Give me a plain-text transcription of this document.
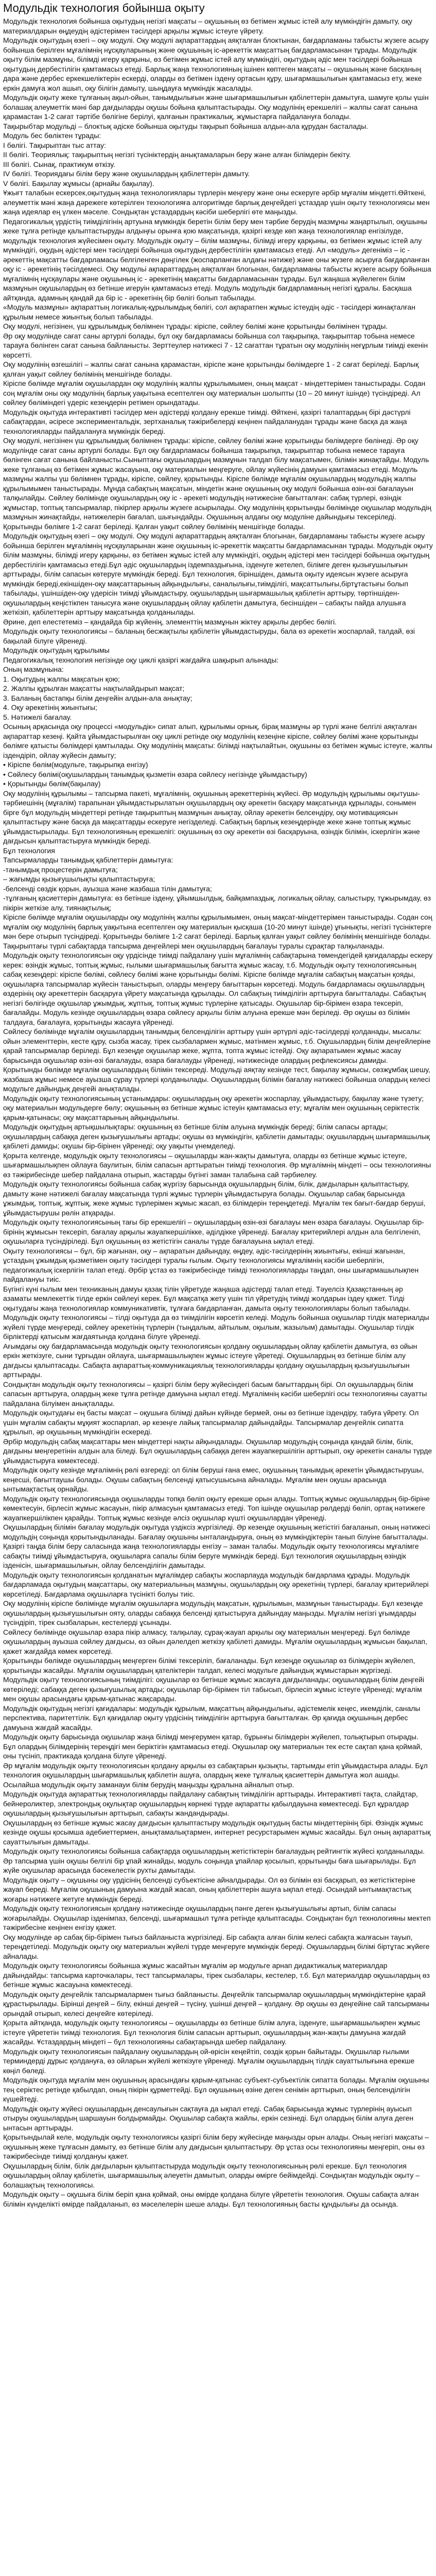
Модульдік технология бойынша оқыту
Модульдік технология бойынша оқытудың негізгі мақсаты – оқушының өз бетімен жұмыс істей алу мүмкіндігін дамыту, оқу материалдарын өңдеудің әдістерімен тәсілдері арқылы жұмыс істеуге үйрету.
Модульдік оқытудың өзегі – оқу модулі. Оқу модулі ақпараттардың аяқталған блоктынан, бағдарламаны табысты жүзеге асыру бойынша берілген мұғалімнің нұсқауларының және оқушының іс-әрекеттік мақсаттың бағдарламасынан тұрады. Модульдік оқыту білім мазмұны, білімді игеру қарқыны, өз бетімен жұмыс істей алу мүмкіндігі, оқытудың әдіс мен тәсілдері бойынша оқытудың дербестілігін қамтамасыз етеді. Барлық жаңа технологияның ішінен көптеген мақсаты – оқушының және басқаның дара және дербес еркекшеліктерін ескерді, оларды өз бетімен іздену ортасын құру, шығармашылығын қамтамасыз ету, жеке еркін дамуға жол ашып, оқу білігін дамыту, шыңдауға мүмкіндік жасалады.
Модульдік оқыту жеке тұлғаның ақыл-ойын, танымдылығын және шығармашылығын қабілеттерін дамытуға, шамуге қолы үшін болашақ алеуметтік мәні бар дағдыларды оқушы бойына қалыптастырады. Оқу модулінің ерекшелігі – жалпы сағат санына қарамастан 1-2 сағат тәртібе бөлігіне берілуі, қалғанын практикалық, жұмыстарға пайдалануға болады.
Тақырыбтар модульді – блоктық әдіске бойынша оқытуды тақырып бойынша алдын-ала құрудан басталады.
Модуль бес бөліктен тұрады:
І бөлігі. Тақырыптан тыс аттау:
ІІ бөлігі. Теориялық: тақырыптың негізгі түсініктердің анықтамаларын беру және алған білімдерін бекіту.
ІІІ бөлігі. Сынақ, практикум өткізу.
ІV бөлігі. Теориядағы білім беру және оқушылардың қабілеттерін дамыту.
V бөлігі. Бақылау жұмысы (арнайы бақылау).
Ұжығт талабын ескерсек,оқытудың жаңа технологиялары түрлерін меңгеру және оны ескеруге әрбір мұғалім міндетті.Өйткені, әлеуметтік мәні жаңа дәрежеге көтерілген технологияға алгоритімде барлық деңгейдегі ұстаздар үшін оқыту технологиясы мен жаңа идеялар ең үлкен мәселе. Сондықтан ұстаздардың кәсіби шеберлігі өте маңызды.
Педагогикалық үрдістің тиімділігінің артуына мүмкіндік беретін білім беру мен тәрбие берудің мазмұны жаңартылып, оқушыны жеке тұлға ретінде қалыптастыруды алдыңғы орынға қою мақсатында, қазіргі кезде көп жаңа технологиялар енгізілуде, модульдік технология жүйесімен оқыту. Модульдік оқыту – білім мазмұны, білімді игеру қарқыны, өз бетімен жұмыс істей алу мүмкіндігі, оқудың әдістері мен тәсілдері бойынша оқытудың дербестілігін қамтамасыз етеді. Ал «модуль» дегеніміз – іс - әрекеттің мақсатты бағдарламасы белгіленген дөңгілек (жоспарланған алдағы нәтиже) және оны жүзеге асыруға бағдарланған оқу іс - әрекетінің тәсілдемесі. Оқу модульі ақпараттардың аяқталған блогынан, бағдарламаны табысты жүзеге асыру бойынша мұғалімнің нұсқаулары және оқушының іс - әрекетінің мақсатты бағдарламасынан тұрады. Бұл жаңаша жүйелеген білім мазмұнын оқушылардың өз бетінше игеруін қамтамасыз етеді. Модуль модульдік бағдарламаның негізгі құралы. Басқаша айтқанда, адамның қандай да бір іс - әрекетінің бір бөлігі болып табылады.
«Модуль мазмұны» ақпараттың логикалық-құрылымдық бөлігі, сол ақпаратпен жұмыс істеудің әдіс - тәсілдері жинақталған құрылым немесе жиынтық болып табылады.
Оқу модулі, негізінен, үш құрылымдық бөлімнен тұрады: кіріспе, сөйлеу бөлімі және қорытынды бөлімінен тұрады.
Әр оқу модулінде сағат саны артурлі болады, бұл оқу бағдарламасы бойынша сол тақырыпқа, тақырыптар тобына немесе тарауға бөлінген сағат санына байланысты. Зерттеулер нәтижесі 7 - 12 сағаттан тұратын оқу модулінің неғұрлым тиімді екенін көрсетті.
Оқу модулінің өзгешілігі – жалпы сағат санына қарамастан, кіріспе және қорытынды бөлімдерге 1 - 2 сағат беріледі. Барлық қалған уақыт сөйлеу бөлімінің меншігінде болады.
Кіріспе бөлімде мұғалім оқушылардан оқу модулінің жалпы құрылымымен, оның мақсат - міндеттерімен таныстырады. Содан соң мұғалім оны оқу модулінің барлық уақытына есептелген оқу материалын шолыпты (10 – 20 минут ішінде) түсіндіреді. Ал сөйлеу бөліміндегі үдеріс кезеңдерін ретімен орындатады.
Модульдік оқытуда интерактивті тәсілдер мен әдістерді қолдану ерекше тиімді. Өйткені, қазіргі талаптардың бірі дәстүрлі сабақтардан, әсіресе экспериментальдік, зертханалық тәжірибелерді кеңінен пайдаланудан тұрады және басқа да жаңа технологияларды пайдалануға мүмкіндік береді.
Оқу модулі, негізінен үш құрылымдық бөлімнен тұрады: кіріспе, сөйлеу бөлімі және қорытынды бөлімдерге бөлінеді. Әр оқу модулінде сағат саны артурлі болады. Бұл оқу бағдарламасы бойынша тақырыпқа, тақырыптар тобына немесе тарауға бөлінген сағат санына байланысты.Сыныптағы оқушылардың мазмұнын талдап білу мақсатымен, білімін жинақтайды. Модуль жеке тұлғаның өз бетімен жұмыс жасауына, оқу материалын меңгеруге, ойлау жүйесінің дамуын қамтамасыз етеді. Модуль мазмұны жалпы үш бөлімнен тұрады, кіріспе, сөйлеу, қорытынды. Кіріспе бөлімде мұғалім оқушылардың модульдің жалпы құрылымымен таныстырады. Мұнда сабақтың мақсатын, міндетін және оқушының оқу модулі бойынша өзін-өзі бағалауын талқылайды. Сөйлеу бөлімінде оқушылардың оқу іс - әрекеті модульдің нәтижесіне бағытталған: сабақ түрлері, өзіндік жұмыстар, топтық тапсырмалар, пікірлер арқылы жүзеге асырылады. Оқу модулінің қорытынды бөлімінде оқушылар модульдің мазмұнын жинақтайды, нәтижелерін бағалап, шығындайды. Оқушының алдағы оқу модуліне дайындығы тексеріледі. Қорытынды бөлімге 1-2 сағат беріледі. Қалған уақыт сөйлеу бөлімінің меншігінде болады.
Модульдік оқытудың өзегі – оқу модулі. Оқу модулі ақпараттардың аяқталған блогынан, бағдарламаны табысты жүзеге асыру бойынша берілген мұғалімнің нұсқауларынан және оқушының іс-әрекеттік мақсатты бағдарламасынан тұрады. Модульдік оқыту білім мазмұны, білімді игеру қарқыны, өз бетімен жұмыс істей алу мүмкіндігі, оқудың әдістері мен тәсілдері бойынша оқытудың дербестілігін қамтамасыз етеді.Бұл әдіс оқушылардың іздемпаздығына, ізденуге жетелеп, білімге деген қызығушылығын арттырады, білім сапасын көтеруге мүмкіндік береді. Бұл технология, біріншіден, дамыта оқыту идеясын жүзеге асыруға мүмкіндік береді,екіншіден-оқу мақсаттарының айқындылығы, саналылығы,тиімділігі, мақсаттылығы,біртұтастығы болып табылады, үшіншіден-оқу үдерісін тиімді ұйымдастыру, оқушылардың шығармашылық қабілетін арттыру, төртіншіден-оқушылардың кеңістікпен танысуға және оқушылардың ойлау қабілетін дамытуға, бесіншіден – сабақты пайда алушыға жеткізіп, қабілеттерін арттыру мақсатында қолданылады.
Әрине, деп елестетеміз – қандайда бір жүйенің, элементтің мазмұнын жіктеу арқылы дербес бөлігі.
Модульдік оқыту технологиясы – баланың бесжақтылы қабілетін ұйымдастыруды, бала өз әрекетін жоспарлай, талдай, өзі бақылай білуге үйренеді.
Модульдік оқытудың құрылымы
Педагогикалық технология негізінде оқу циклі қазіргі жағдайға шақырып алынады:
Оның мазмұнына:
1. Оқытудың жалпы мақсатын қою;
2. Жалпы құрылған мақсатты нақтылайдырып мақсат;
3. Баланың бастапқы білім деңгейін алдын-ала анықтау;
4. Оқу әрекетінің жиынтығы;
5. Нәтижелі бағалау.
Осының арқасында оқу процессі «модульдік» сипат алып, құрылымы орнық, бірақ мазмұны әр түрлі және белгілі аяқталған ақпараттар кезеңі. Қайта ұйымдастырылған оқу циклі ретінде оқу модулінің кезеңіне кіріспе, сөйлеу бөлімі және қорытынды бөлімге қатысты бөлімдері қамтылады. Оқу модулінің мақсаты: білімді нақтылайтын, оқушыны өз бетімен жұмыс істеуге, жалпы іздендіріп, ойлау жүйесін дамыту;
• Кіріспе бөлім(модульге, тақырыпқа енгізу)
• Сөйлесу бөлімі(оқушылардың танымдық қызметін өзара сөйлесу негізінде ұйымдастыру)
• Қорытынды бөлім(бақылау)
Оқу модулінің құрылымы – тапсырма пакеті, мұғалімнің, оқушының әрекеттерінің жүйесі. Әр модульдің құрылымы оқытушы-тәрбиешінің (мұғалім) тарапынан ұйымдастырылатын оқушылардың оқу әрекетін басқару мақсатында құрылады, сонымен бірге бұл модульдің міндеттері ретінде тақырыптың мазмұнын анықтау, ойлау әрекетін белсендіру, оқу мотивациясын қалыптастыру және басқа да мақсаттарды ескеруге негізделеді. Сабақтың барлық кезеңдерінде жеке және топтық жұмыс ұйымдастырылады. Бұл технологияның ерекшелігі: оқушының өз оқу әрекетін өзі басқаруына, өзіндік білімін, іскерлігін және дағдысын қалыптастыруға мүмкіндік береді.
Бұл технология
Тапсырмаларды танымдық қабілеттерін дамытуға:
-танымдық процестерін дамытуға;
– жағымды қызығушылықты қалыптастыруға;
-белсенді сөздік қорын, ауызша және жазбаша тілін дамытуға;
-тұлғаның қасиеттерін дамытуға: өз бетінше іздену, ұйымшылдық, байқампаздық, логикалық ойлау, салыстыру, тұжырымдау, өз пікірін жеткізе алу, тиянақтылық;
Кіріспе бөлімде мұғалім оқушыларды оқу модулінің жалпы құрылымымен, оның мақсат-міндеттерімен таныстырады. Содан соң мұғалім оқу модулінің барлық уақытына есептелген оқу материалын қысқаша (10-20 минут ішінде) ұғынықты, негізгі түсініктерге мән бере отырып түсіндіреді. Қорытынды бөлімге 1-2 сағат беріледі. Барлық қалған уақыт сөйлеу бөлімінің меншігінде болады. Тақырыптағы түрлі сабақтарда тапсырма деңгейлері мен оқушылардың бағалауы туралы сұрақтар талқыланады.
Модульдік оқыту технологиясын оқу үрдісінде тиімді пайдалану үшін мұғалімнің сабақтарына төмендегідей қағидаларды ескеру керек: өзіндік жұмыс, топтық жұмыс, ғылыми шығармашылық бағытта жұмыс жасау, т.б. Модульдік оқыту технологиясының сабақ кезеңдері: кіріспе бөлімі, сөйлесу бөлімі және қорытынды бөлімі. Кіріспе бөлімде мұғалім сабақтың мақсатын қояды, оқушыларға тапсырмалар жүйесін таныстырып, оларды меңгеру бағыттарын көрсетеді. Модуль бағдарламасы оқушылардың өздерінің оқу әрекеттерін басқаруға үйрету мақсатында құрылады. Ол сабақтың тиімділігін арттыруға бағытталады. Сабақтың негізгі бөлігінде оқушылар ұжымдық, жұптық, топтық жұмыс түрлеріне қатысады. Оқушылар бір-бірімен өзара тексеріп, бағалайды. Модуль кезінде оқушылардың өзара сөйлесу арқылы білім алуына ерекше мән беріледі. Әр оқушы өз білімін талдауға, бағалауға, қорытынды жасауға үйренеді.
Сөйлесу бөлімінде мұғалім оқушылардың танымдық белсенділігін арттыру үшін әртүрлі әдіс-тәсілдерді қолданады, мысалы: ойын элементтерін, кесте құру, сызба жасау, тірек сызбалармен жұмыс, мәтінмен жұмыс, т.б. Оқушылардың білім деңгейлеріне қарай тапсырмалар беріледі. Бұл кезеңде оқушылар жеке, жұпта, топта жұмыс істейді. Оқу ақпаратымен жұмыс жасау барысында оқушылар өзін-өзі бағалауды, өзара бағалауды үйренеді, нәтижесінде олардың рефлексиясы дамиды.
Қорытынды бөлімде мұғалім оқушылардың білімін тексереді. Модульді аяқтау кезінде тест, бақылау жұмысы, сөзжұмбақ шешу, жазбаша жұмыс немесе ауызша сұрау түрлері қолданылады. Оқушылардың білімін бағалау нәтижесі бойынша олардың келесі модульге дайындық деңгейі анықталады.
Модульдік оқыту технологиясының ұстанымдары: оқушылардың оқу әрекетін жоспарлау, ұйымдастыру, бақылау және түзету; оқу материалын модульдерге бөлу; оқушының өз бетінше жұмыс істеуін қамтамасыз ету; мұғалім мен оқушының серіктестік қарым-қатынасы; оқу мақсаттарының айқындылығы.
Модульдік оқытудың артықшылықтары: оқушының өз бетінше білім алуына мүмкіндік береді; білім сапасы артады; оқушылардың сабаққа деген қызығушылығы артады; оқушы өз мүмкіндігін, қабілетін дамытады; оқушылардың шығармашылық қабілеті дамиды; оқушы бір-бірінен үйренеді; оқу уақыты үнемделеді.
Қорыта келгенде, модульдік оқыту технологиясы – оқушыларды жан-жақты дамытуға, оларды өз бетінше жұмыс істеуге, шығармашылықпен ойлауға баулитын, білім сапасын арттыратын тиімді технология. Әр мұғалімнің міндеті – осы технологияны өз тәжірибесінде шебер пайдалана отырып, жастарды бүгінгі заман талабына сай тәрбиелеу.
Модульдік оқыту технологиясы бойынша сабақ жүргізу барысында оқушылардың білім, білік, дағдыларын қалыптастыру, дамыту және нәтижелі бағалау мақсатында түрлі жұмыс түрлерін ұйымдастыруға болады. Оқушылар сабақ барысында ұжымдық, топтық, жұптық, жеке жұмыс түрлерімен жұмыс жасап, өз білімдерін тереңдетеді. Мұғалім тек бағыт-бағдар беруші, ұйымдастырушы рөлін атқарады.
Модульдік оқыту технологиясының тағы бір ерекшелігі – оқушылардың өзін-өзі бағалауы мен өзара бағалауы. Оқушылар бір-бірінің жұмысын тексеріп, бағалау арқылы жауапкершілікке, әділдікке үйренеді. Бағалау критерийлері алдын ала белгіленіп, оқушыларға түсіндіріледі. Бұл оқушының өз жетістігін саналы түрде бағалауына ықпал етеді.
Оқыту технологиясы – бұл, бір жағынан, оқу – ақпаратын дайындау, өңдеу, әдіс-тәсілдерінің жиынтығы, екінші жағынан, ұстаздың ұжымдық қызметімен оқыту тәсілдері туралы ғылым. Оқыту технологиясы мұғалімнің кәсіби шеберлігін, педагогикалық іскерлігін талап етеді. Әрбір ұстаз өз тәжірибесінде тиімді технологияларды таңдап, оны шығармашылықпен пайдалануы тиіс.
Бүгінгі күні ғылым мен техниканың дамуы қазақ тілін үйретуде жаңаша әдістерді талап етеді. Тәуелсіз Қазақстанның әр азаматы мемлекеттік тілде еркін сөйлеуі керек. Бұл мақсатқа жету үшін тіл үйретудің тиімді жолдарын іздеу қажет. Тілді оқытудағы жаңа технологиялар коммуникативтік, тұлғаға бағдарланған, дамыта оқыту технологиялары болып табылады.
Модульдік оқыту технологиясы – тілді оқытуда да өз тиімділігін көрсетіп келеді. Модуль бойынша оқушылар тілдік материалды жүйелі түрде меңгереді, сөйлеу әрекетінің түрлерін (тыңдалым, айтылым, оқылым, жазылым) дамытады. Оқушылар тілдік бірліктерді қатысым жағдаятында қолдана білуге үйренеді.
Ағымдағы оқу бағдарламасында модульдік оқыту технологиясын қолдану оқушылардың ойлау қабілетін дамытуға, өз ойын еркін жеткізуге, сыни тұрғыдан ойлауға, шығармашылықпен жұмыс істеуге үйретеді. Оқушылардың өз бетінше білім алу дағдысы қалыптасады. Сабақта ақпараттық-коммуникациялық технологияларды қолдану оқушылардың қызығушылығын арттырады.
Сондықтан модульдік оқыту технологиясы – қазіргі білім беру жүйесіндегі басым бағыттардың бірі. Ол оқушылардың білім сапасын арттыруға, олардың жеке тұлға ретінде дамуына ықпал етеді. Мұғалімнің кәсіби шеберлігі осы технологияны сауатты пайдалана білуімен анықталады.
Модульдік оқытудағы ең басты мақсат – оқушыға білімді дайын күйінде бермей, оны өз бетінше іздендіру, табуға үйрету. Ол үшін мұғалім сабақты мұқият жоспарлап, әр кезеңге лайық тапсырмалар дайындайды. Тапсырмалар деңгейлік сипатта құрылып, әр оқушының мүмкіндігін ескереді.
Әрбір модульдің сабақ мақсаттары мен міндеттері нақты айқындалады. Оқушылар модульдің соңында қандай білім, білік, дағдыны меңгеретінін алдын ала біледі. Бұл оқушылардың сабаққа деген жауапкершілігін арттырып, оқу әрекетін саналы түрде ұйымдастыруға көмектеседі.
Модульдік оқыту кезінде мұғалімнің рөлі өзгереді: ол білім беруші ғана емес, оқушының танымдық әрекетін ұйымдастырушы, кеңесші, бағыттаушы болады. Оқушы сабақтың белсенді қатысушысына айналады. Мұғалім мен оқушы арасында ынтымақтастық орнайды.
Модульдік оқыту технологиясында оқушыларды топқа бөліп оқыту ерекше орын алады. Топтық жұмыс оқушылардың бір-біріне көмектесуін, бірлесіп жұмыс жасауын, пікір алмасуын қамтамасыз етеді. Топ ішінде оқушылар рөлдерді бөліп, ортақ нәтижеге жауапкершілікпен қарайды. Топтық жұмыс кезінде әлсіз оқушылар күшті оқушылардан үйренеді.
Оқушылардың білімін бағалау модульдік оқытуда үздіксіз жүргізіледі. Әр кезеңде оқушының жетістігі бағаланып, оның нәтижесі модульдің соңында қорытындыланады. Бағалау оқушыны ынталандыруға, оның өз мүмкіндіктерін танып білуіне бағытталады.
Қазіргі таңда білім беру саласында жаңа технологияларды енгізу – заман талабы. Модульдік оқыту технологиясы мұғалімге сабақты тиімді ұйымдастыруға, оқушыларға сапалы білім беруге мүмкіндік береді. Бұл технология оқушылардың өзіндік ізденісін, шығармашылығын, ойлау белсенділігін дамытады.
Модульдік оқыту технологиясын қолданатын мұғалімдер сабақты жоспарлауда модульдік бағдарлама құрады. Модульдік бағдарламада оқытудың мақсаттары, оқу материалының мазмұны, оқушылардың оқу әрекетінің түрлері, бағалау критерийлері көрсетіледі. Бағдарлама оқушыларға түсінікті болуы тиіс.
Оқу модулінің кіріспе бөлімінде мұғалім оқушыларға модульдің мақсатын, құрылымын, мазмұнын таныстырады. Бұл кезеңде оқушылардың қызығушылығын ояту, оларды сабаққа белсенді қатыстыруға дайындау маңызды. Мұғалім негізгі ұғымдарды түсіндіріп, тірек сызбаларын, кестелерді ұсынады.
Сөйлесу бөлімінде оқушылар өзара пікір алмасу, талқылау, сұрақ-жауап арқылы оқу материалын меңгереді. Бұл бөлімде оқушылардың ауызша сөйлеу дағдысы, өз ойын дәлелдеп жеткізу қабілеті дамиды. Мұғалім оқушылардың жұмысын бақылап, қажет жағдайда көмек көрсетеді.
Қорытынды бөлімде оқушылардың меңгерген білімі тексеріліп, бағаланады. Бұл кезеңде оқушылар өз білімдерін жүйелеп, қорытынды жасайды. Мұғалім оқушылардың қателіктерін талдап, келесі модульге дайындық жұмыстарын жүргізеді.
Модульдік оқыту технологиясының тиімділігі: оқушылар өз бетінше жұмыс жасауға дағдыланады; оқушылардың білім деңгейі көтеріледі; сабаққа деген қызығушылық артады; оқушылар бір-бірімен тіл табысып, бірлесіп жұмыс істеуге үйренеді; мұғалім мен оқушы арасындағы қарым-қатынас жақсарады.
Модульдік оқытудың негізгі қағидалары: модульдік құрылым, мақсаттың айқындылығы, әдістемелік кеңес, икемділік, саналы перспектива, паритеттілік. Бұл қағидалар оқыту үрдісінің тиімділігін арттыруға бағытталған. Әр қағида оқушының дербес дамуына жағдай жасайды.
Модульдік оқыту барысында оқушылар жаңа білімді меңгерумен қатар, бұрынғы білімдерін жүйелеп, толықтырып отырады. Бұл олардың білімдерінің тереңдігі мен беріктігін қамтамасыз етеді. Оқушылар оқу материалын тек есте сақтап қана қоймай, оны түсініп, практикада қолдана білуге үйренеді.
Әр мұғалім модульдік оқыту технологиясын қолдану арқылы өз сабақтарын қызықты, тартымды етіп ұйымдастыра алады. Бұл технология оқушылардың шығармашылық қабілетін ашуға, олардың жеке тұлғалық қасиеттерін дамытуға жол ашады. Осылайша модульдік оқыту заманауи білім берудің маңызды құралына айналып отыр.
Модульдік оқытуда ақпараттық технологияларды пайдалану сабақтың тиімділігін арттырады. Интерактивті тақта, слайдтар, бейнероликтер, электрондық оқулықтар оқушылардың көрнекі түрде ақпаратты қабылдауына көмектеседі. Бұл құралдар оқушылардың қызығушылығын арттырып, сабақты жандандырады.
Оқушылардың өз бетінше жұмыс жасау дағдысын қалыптастыру модульдік оқытудың басты міндеттерінің бірі. Өзіндік жұмыс кезінде оқушы қосымша әдебиеттермен, анықтамалықтармен, интернет ресурстарымен жұмыс жасайды. Бұл оның ақпараттық сауаттылығын дамытады.
Модульдік оқыту технологиясы бойынша сабақтарда оқушылардың жетістіктерін бағалаудың рейтингтік жүйесі қолданылады. Әр тапсырма үшін оқушы белгілі бір ұпай жинайды, модуль соңында ұпайлар қосылып, қорытынды баға шығарылады. Бұл жүйе оқушылар арасында бәсекелестік рухты дамытады.
Модульдік оқыту – оқушыны оқу үрдісінің белсенді субъектісіне айналдырады. Ол өз білімін өзі басқарып, өз жетістіктеріне жауап береді. Мұғалім оқушының дамуына жағдай жасап, оның қабілеттерін ашуға ықпал етеді. Осындай ынтымақтастық жоғары нәтижеге жетуге мүмкіндік береді.
Модульдік оқыту технологиясын қолдану нәтижесінде оқушылардың пәнге деген қызығушылығы артып, білім сапасы жоғарылайды. Оқушылар ізденімпаз, белсенді, шығармашыл тұлға ретінде қалыптасады. Сондықтан бұл технологияны мектеп тәжірибесіне кеңінен енгізу қажет.
Оқу модулінде әр сабақ бір-бірімен тығыз байланыста жүргізіледі. Бір сабақта алған білім келесі сабақта жалғасын тауып, тереңдетіледі. Модульдік оқыту оқу материалын жүйелі түрде меңгеруге мүмкіндік береді. Оқушылардың білімі біртұтас жүйеге айналады.
Модульдік оқыту технологиясы бойынша жұмыс жасайтын мұғалім әр модульге арнап дидактикалық материалдар дайындайды: тапсырма карточкалары, тест тапсырмалары, тірек сызбалары, кестелер, т.б. Бұл материалдар оқушылардың өз бетінше жұмыс жасауына көмектеседі.
Модульдік оқыту деңгейлік тапсырмалармен тығыз байланысты. Деңгейлік тапсырмалар оқушылардың мүмкіндіктеріне қарай құрастырылады. Бірінші деңгей – білу, екінші деңгей – түсіну, үшінші деңгей – қолдану. Әр оқушы өз деңгейіне сай тапсырманы орындай отырып, келесі деңгейге көтеріледі.
Қорыта айтқанда, модульдік оқыту технологиясы – оқушыларды өз бетінше білім алуға, ізденуге, шығармашылықпен жұмыс істеуге үйрететін тиімді технология. Бұл технология білім сапасын арттырып, оқушылардың жан-жақты дамуына жағдай жасайды. Ұстаздардың міндеті – бұл технологияны сабақтарында шебер пайдалану.
Модульдік оқыту технологиясын пайдалану оқушылардың ой-өрісін кеңейтіп, сөздік қорын байытады. Оқушылар ғылыми терминдерді дұрыс қолдануға, өз ойларын жүйелі жеткізуге үйренеді. Мұғалім оқушылардың тілдік сауаттылығына ерекше көңіл бөледі.
Модульдік оқытуда мұғалім мен оқушының арасындағы қарым-қатынас субъект-субъектілік сипатта болады. Мұғалім оқушыны тең серіктес ретінде қабылдап, оның пікірін құрметтейді. Бұл оқушының өзіне деген сенімін арттырып, оның белсенділігін күшейтеді.
Модульдік оқыту жүйесі оқушылардың денсаулығын сақтауға да ықпал етеді. Сабақ барысында жұмыс түрлерінің ауысып отыруы оқушылардың шаршауын болдырмайды. Оқушылар сабақта жайлы, еркін сезінеді. Бұл олардың білім алуға деген ынтасын арттырады.
Қорытындылай келе, модульдік оқыту технологиясы қазіргі білім беру жүйесінде маңызды орын алады. Оның негізгі мақсаты – оқушының жеке тұлғасын дамыту, өз бетінше білім алу дағдысын қалыптастыру. Әр ұстаз осы технологияны меңгеріп, оны өз тәжірибесінде тиімді қолдануы қажет.
Оқушылардың білім, білік дағдыларын қалыптастыруда модульдік оқыту технологиясының рөлі ерекше. Бұл технология оқушылардың ойлау қабілетін, шығармашылық әлеуетін дамытып, оларды өмірге бейімдейді. Сондықтан модульдік оқыту – болашақтың технологиясы.
Модульдік оқыту – оқушыға білім беріп қана қоймай, оны өмірде қолдана білуге үйрететін технология. Оқушы сабақта алған білімін күнделікті өмірде пайдаланып, өз мәселелерін шеше алады. Бұл технологияның басты құндылығы да осында.
